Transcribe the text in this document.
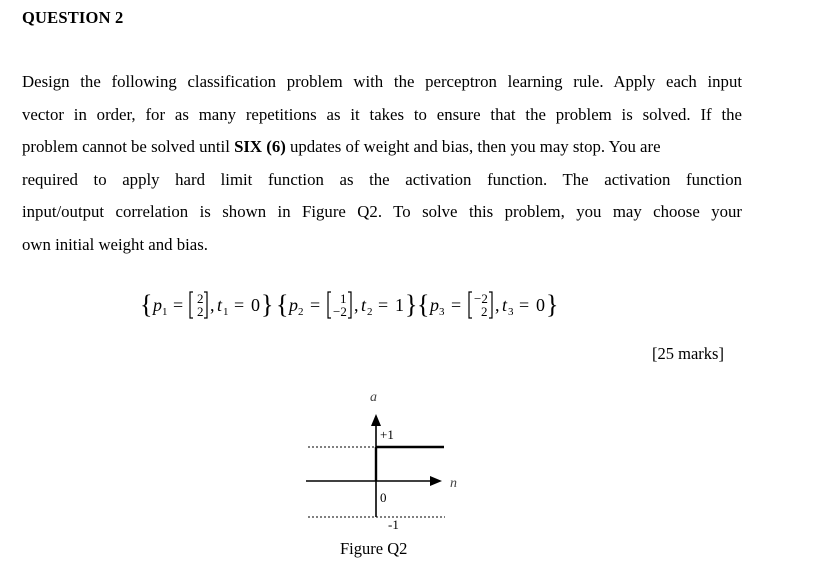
QUESTION 2
Design the following classification problem with the perceptron learning rule. Apply each input
vector in order, for as many repetitions as it takes to ensure that the problem is solved. If the
problem cannot be solved until SIX (6) updates of weight and bias, then you may stop. You are
required to apply hard limit function as the activation function. The activation function
input/output correlation is shown in Figure Q2. To solve this problem, you may choose your
own initial weight and bias.
{ p 1 = 2
2 , t 1 = 0 } { p 2 = 1
−2 , t 2 = 1 } { p 3 = −2
2 , t 3 = 0 }
[25 marks]
a
n
+1
0
-1
Figure Q2
